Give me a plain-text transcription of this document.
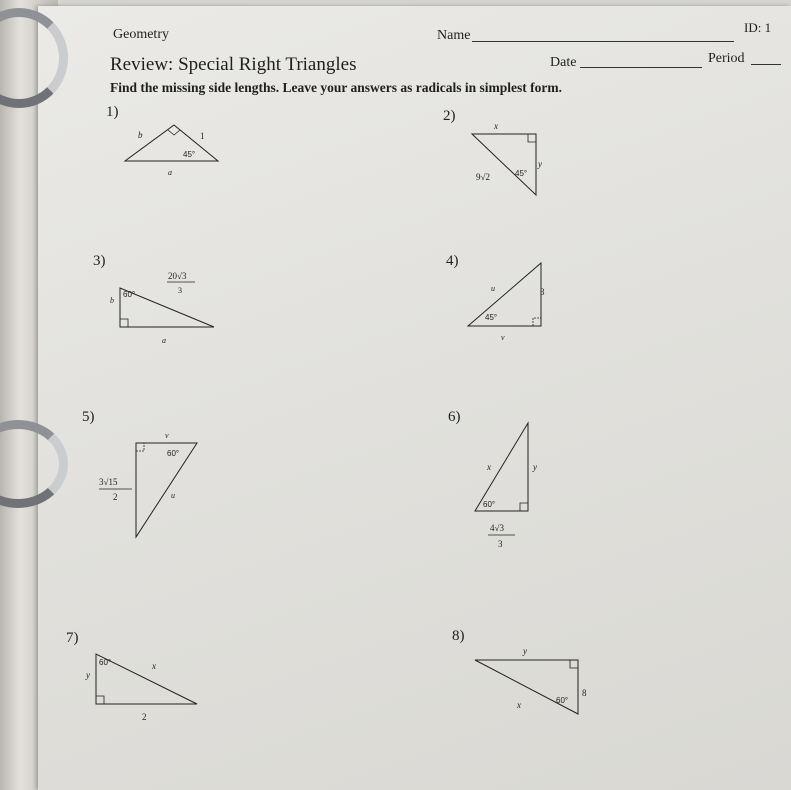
Geometry	Name
ID: 1
Review: Special Right Triangles	Date	Period
Find the missing side lengths. Leave your answers as radicals in simplest form.
1)	2)
3)	4)
5)	6)
7)	8)
b	1
45°
a
x
9√2	45°
y
20√3
3
60°
b
a
u	3
45°
v
v
60°
3√15
2	u
x	y
60°
4√3
3
60°
y
x
2
y
60°
8
x
